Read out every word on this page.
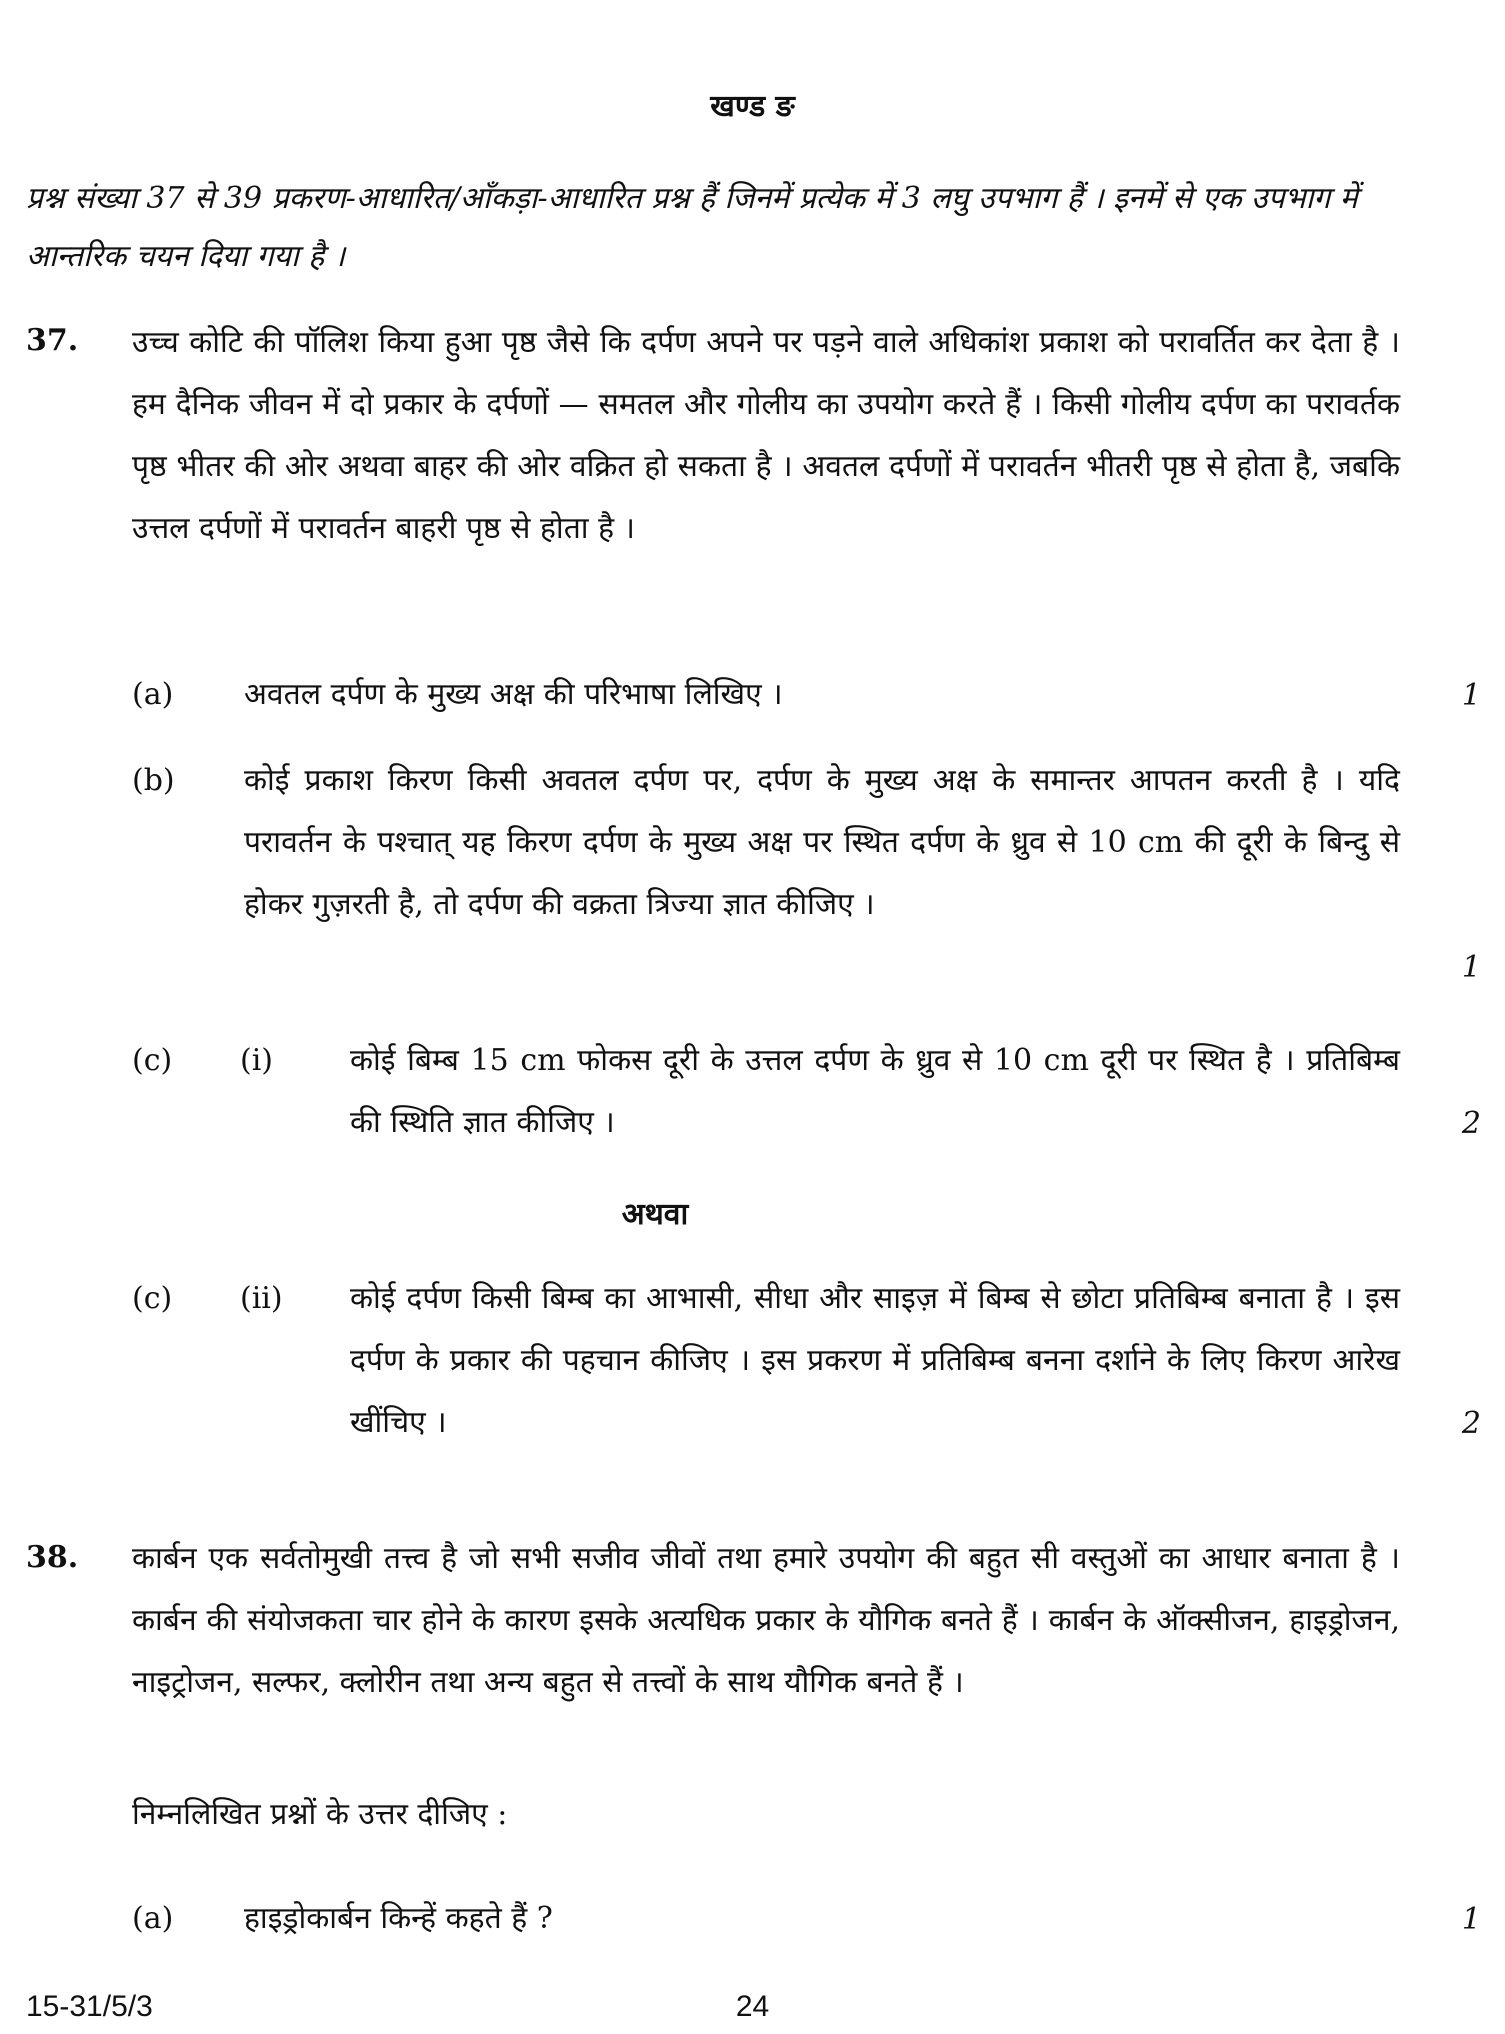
खण्ड ङ
प्रश्न संख्या 37 से 39 प्रकरण-आधारित/आँकड़ा-आधारित प्रश्न हैं जिनमें प्रत्येक में 3 लघु उपभाग हैं । इनमें से एक उपभाग में आन्तरिक चयन दिया गया है ।
37. उच्च कोटि की पॉलिश किया हुआ पृष्ठ जैसे कि दर्पण अपने पर पड़ने वाले अधिकांश प्रकाश को परावर्तित कर देता है । हम दैनिक जीवन में दो प्रकार के दर्पणों — समतल और गोलीय का उपयोग करते हैं । किसी गोलीय दर्पण का परावर्तक पृष्ठ भीतर की ओर अथवा बाहर की ओर वक्रित हो सकता है । अवतल दर्पणों में परावर्तन भीतरी पृष्ठ से होता है, जबकि उत्तल दर्पणों में परावर्तन बाहरी पृष्ठ से होता है ।
(a) अवतल दर्पण के मुख्य अक्ष की परिभाषा लिखिए ।	1
(b) कोई प्रकाश किरण किसी अवतल दर्पण पर, दर्पण के मुख्य अक्ष के समान्तर आपतन करती है । यदि परावर्तन के पश्चात् यह किरण दर्पण के मुख्य अक्ष पर स्थित दर्पण के ध्रुव से 10 cm की दूरी के बिन्दु से होकर गुज़रती है, तो दर्पण की वक्रता त्रिज्या ज्ञात कीजिए ।
1
(c) (i)	कोई बिम्ब 15 cm फोकस दूरी के उत्तल दर्पण के ध्रुव से 10 cm दूरी पर स्थित है । प्रतिबिम्ब की स्थिति ज्ञात कीजिए ।	2
अथवा
(c) (ii) कोई दर्पण किसी बिम्ब का आभासी, सीधा और साइज़ में बिम्ब से छोटा प्रतिबिम्ब बनाता है । इस दर्पण के प्रकार की पहचान कीजिए । इस प्रकरण में प्रतिबिम्ब बनना दर्शाने के लिए किरण आरेख खींचिए ।	2
38. कार्बन एक सर्वतोमुखी तत्त्व है जो सभी सजीव जीवों तथा हमारे उपयोग की बहुत सी वस्तुओं का आधार बनाता है । कार्बन की संयोजकता चार होने के कारण इसके अत्यधिक प्रकार के यौगिक बनते हैं । कार्बन के ऑक्सीजन, हाइड्रोजन, नाइट्रोजन, सल्फर, क्लोरीन तथा अन्य बहुत से तत्त्वों के साथ यौगिक बनते हैं ।
निम्नलिखित प्रश्नों के उत्तर दीजिए :
(a) हाइड्रोकार्बन किन्हें कहते हैं ?	1
15-31/5/3	24
